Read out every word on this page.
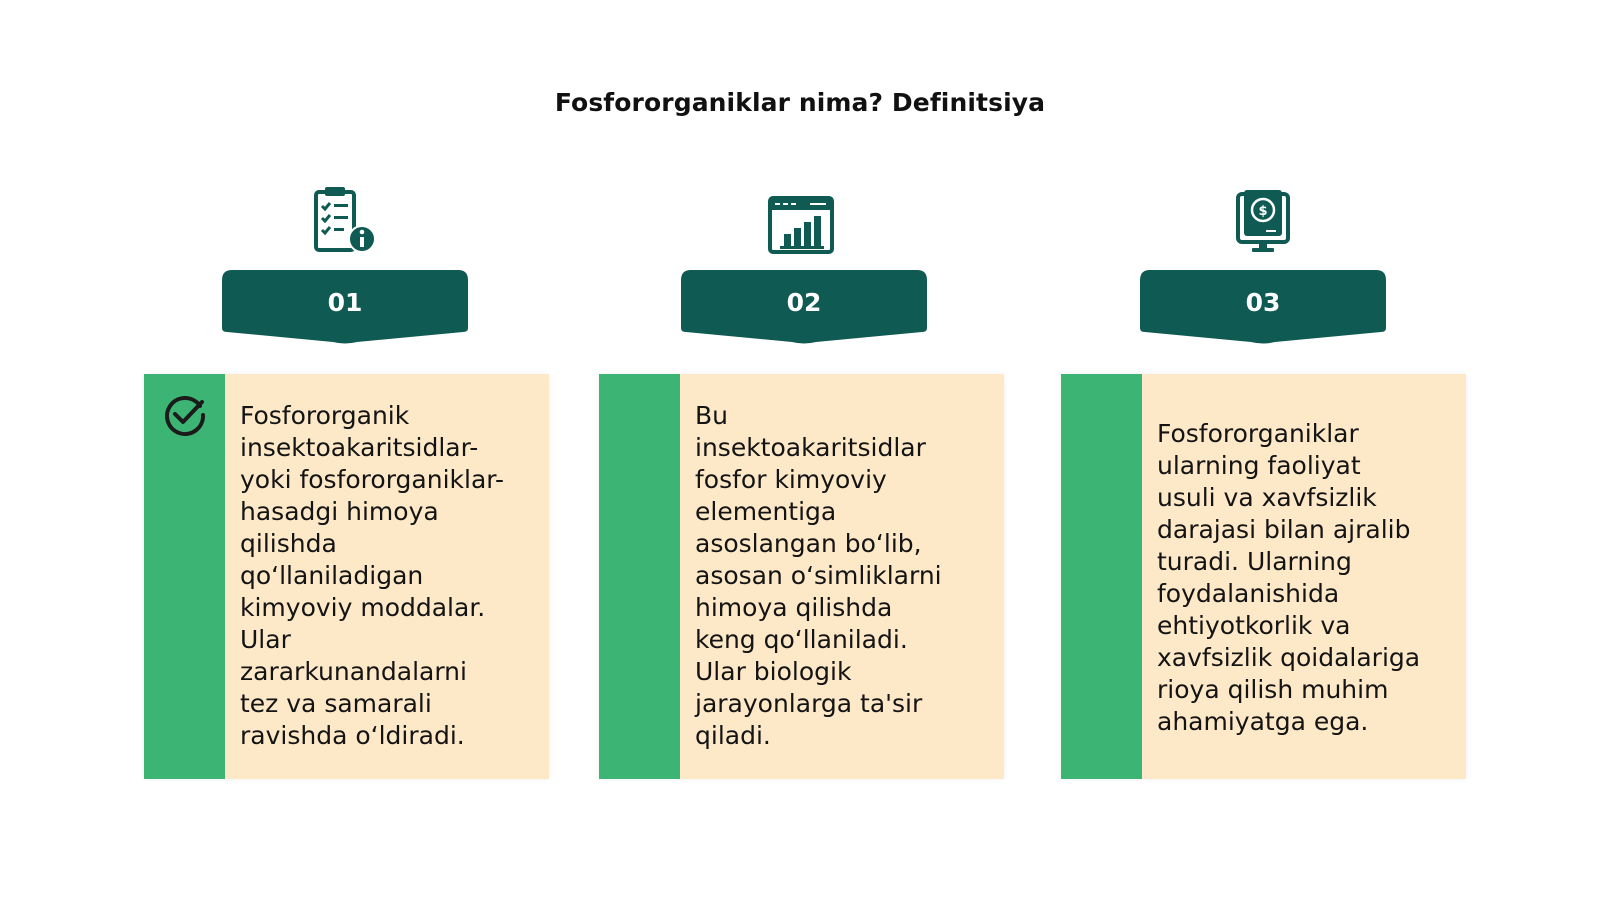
Fosfororganiklar nima? Definitsiya
01
Fosfororganik
insektoakaritsidlar-
yoki fosfororganiklar-
hasadgi himoya
qilishda
qo‘llaniladigan
kimyoviy moddalar.
Ular
zararkunandalarni
tez va samarali
ravishda o‘ldiradi.
02
Bu
insektoakaritsidlar
fosfor kimyoviy
elementiga
asoslangan bo‘lib,
asosan o‘simliklarni
himoya qilishda
keng qo‘llaniladi.
Ular biologik
jarayonlarga ta'sir
qiladi.
$
03
Fosfororganiklar
ularning faoliyat
usuli va xavfsizlik
darajasi bilan ajralib
turadi. Ularning
foydalanishida
ehtiyotkorlik va
xavfsizlik qoidalariga
rioya qilish muhim
ahamiyatga ega.
